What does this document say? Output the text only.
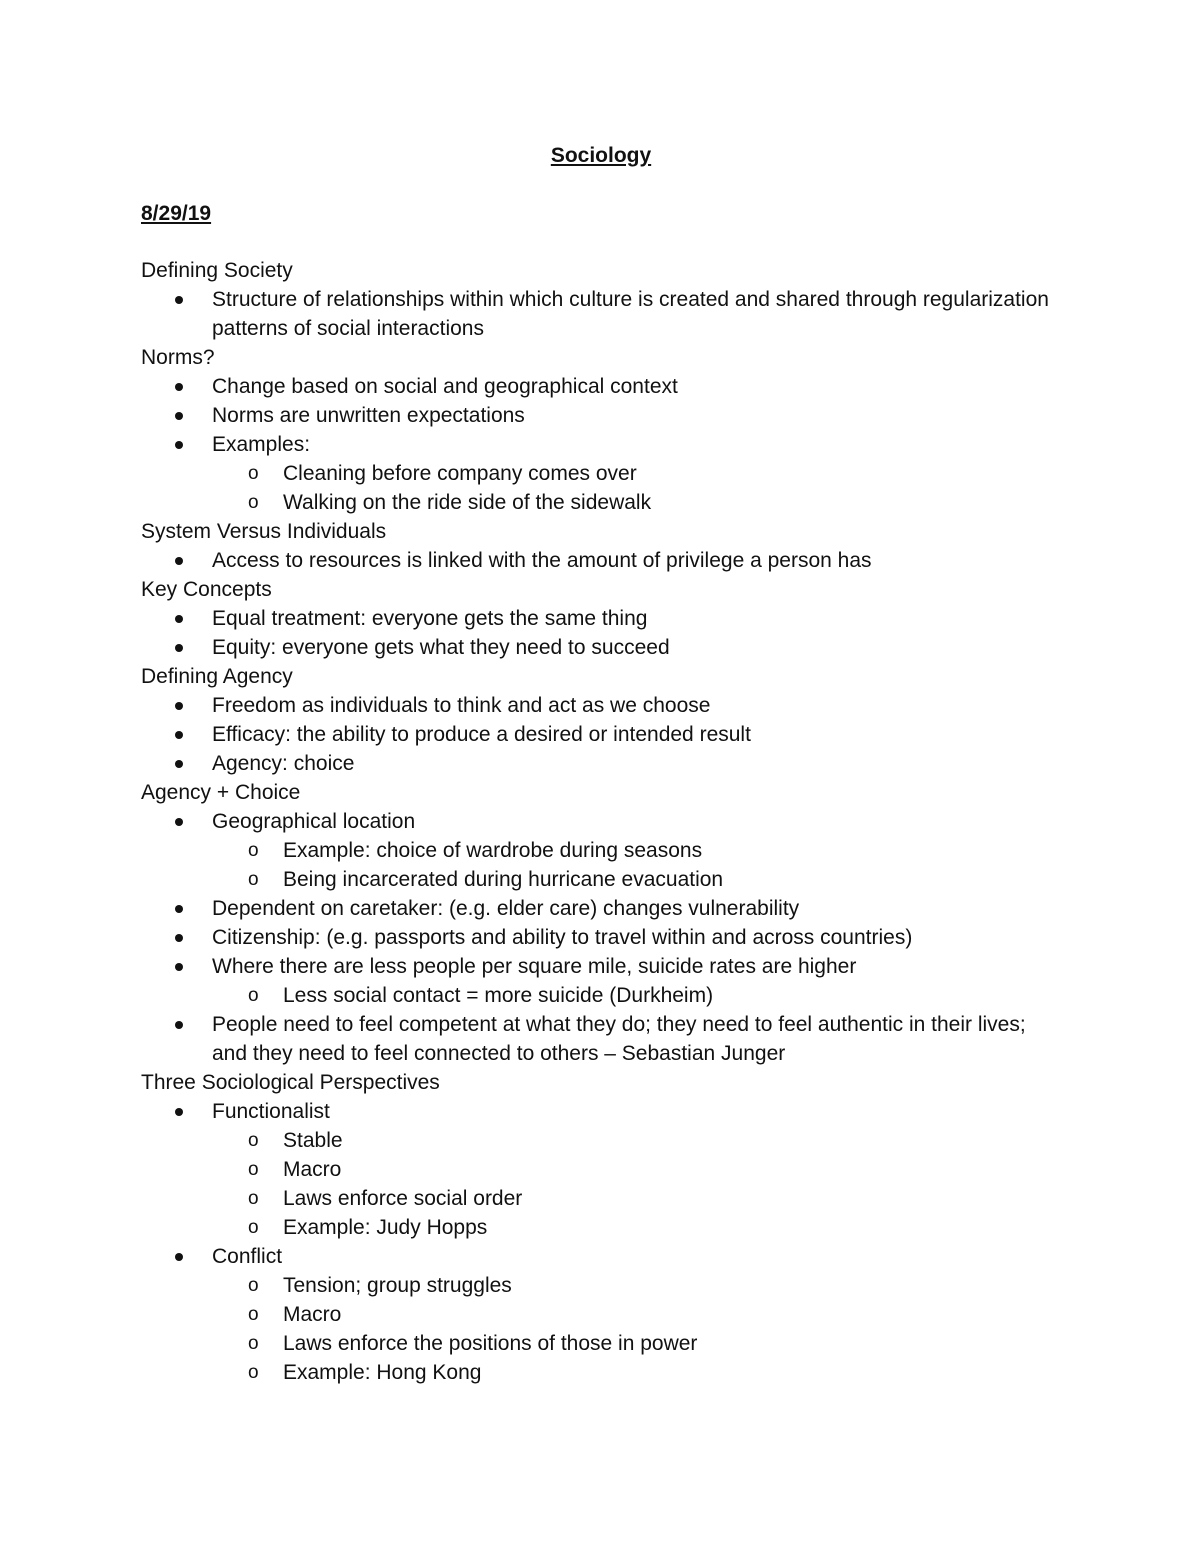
Sociology
8/29/19
Defining Society
Structure of relationships within which culture is created and shared through regularization patterns of social interactions
Norms?
Change based on social and geographical context
Norms are unwritten expectations
Examples:
o Cleaning before company comes over
o Walking on the ride side of the sidewalk
System Versus Individuals
Access to resources is linked with the amount of privilege a person has
Key Concepts
Equal treatment: everyone gets the same thing
Equity: everyone gets what they need to succeed
Defining Agency
Freedom as individuals to think and act as we choose
Efficacy: the ability to produce a desired or intended result
Agency: choice
Agency + Choice
Geographical location
o Example: choice of wardrobe during seasons
o Being incarcerated during hurricane evacuation
Dependent on caretaker: (e.g. elder care) changes vulnerability
Citizenship: (e.g. passports and ability to travel within and across countries)
Where there are less people per square mile, suicide rates are higher
o Less social contact = more suicide (Durkheim)
People need to feel competent at what they do; they need to feel authentic in their lives; and they need to feel connected to others – Sebastian Junger
Three Sociological Perspectives
Functionalist
o Stable
o Macro
o Laws enforce social order
o Example: Judy Hopps
Conflict
o Tension; group struggles
o Macro
o Laws enforce the positions of those in power
o Example: Hong Kong
